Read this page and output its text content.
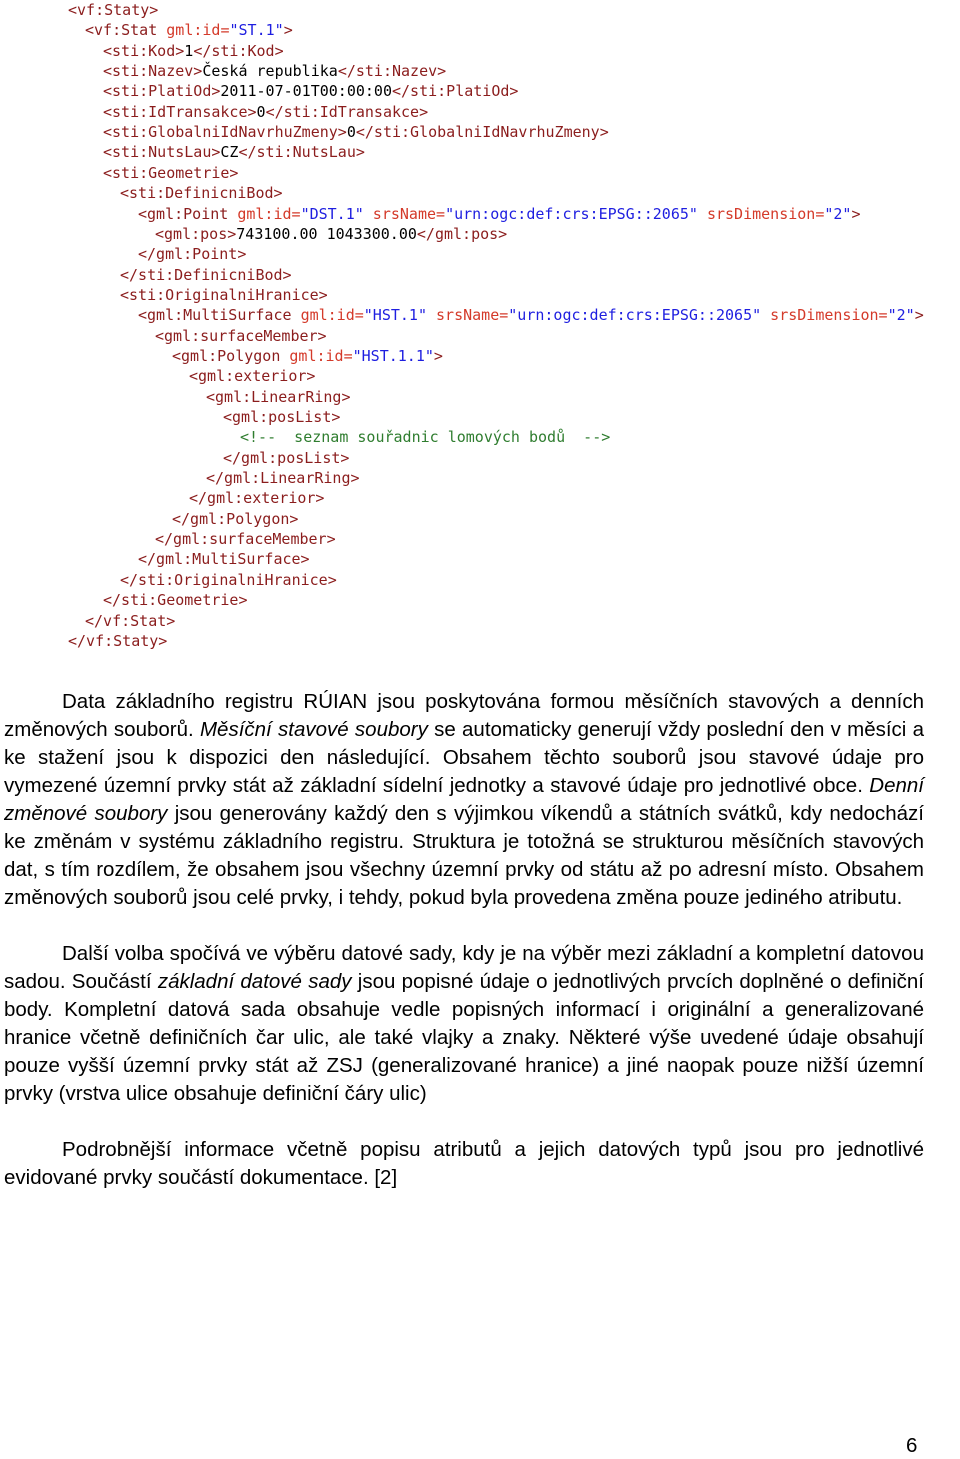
<vf:Staty>
<vf:Stat gml:id="ST.1">
<sti:Kod>1</sti:Kod>
<sti:Nazev>Česká republika</sti:Nazev>
<sti:PlatiOd>2011-07-01T00:00:00</sti:PlatiOd>
<sti:IdTransakce>0</sti:IdTransakce>
<sti:GlobalniIdNavrhuZmeny>0</sti:GlobalniIdNavrhuZmeny>
<sti:NutsLau>CZ</sti:NutsLau>
<sti:Geometrie>
<sti:DefinicniBod>
<gml:Point gml:id="DST.1" srsName="urn:ogc:def:crs:EPSG::2065" srsDimension="2">
<gml:pos>743100.00 1043300.00</gml:pos>
</gml:Point>
</sti:DefinicniBod>
<sti:OriginalniHranice>
<gml:MultiSurface gml:id="HST.1" srsName="urn:ogc:def:crs:EPSG::2065" srsDimension="2">
<gml:surfaceMember>
<gml:Polygon gml:id="HST.1.1">
<gml:exterior>
<gml:LinearRing>
<gml:posList>
<!--  seznam souřadnic lomových bodů  -->
</gml:posList>
</gml:LinearRing>
</gml:exterior>
</gml:Polygon>
</gml:surfaceMember>
</gml:MultiSurface>
</sti:OriginalniHranice>
</sti:Geometrie>
</vf:Stat>
</vf:Staty>

Data základního registru RÚIAN jsou poskytována formou měsíčních stavových a denních změnových souborů. Měsíční stavové soubory se automaticky generují vždy poslední den v měsíci a ke stažení jsou k dispozici den následující. Obsahem těchto souborů jsou stavové údaje pro vymezené územní prvky stát až základní sídelní jednotky a stavové údaje pro jednotlivé obce. Denní změnové soubory jsou generovány každý den s výjimkou víkendů a státních svátků, kdy nedochází ke změnám v systému základního registru. Struktura je totožná se strukturou měsíčních stavových dat, s tím rozdílem, že obsahem jsou všechny územní prvky od státu až po adresní místo. Obsahem změnových souborů jsou celé prvky, i tehdy, pokud byla provedena změna pouze jediného atributu.

Další volba spočívá ve výběru datové sady, kdy je na výběr mezi základní a kompletní datovou sadou. Součástí základní datové sady jsou popisné údaje o jednotlivých prvcích doplněné o definiční body. Kompletní datová sada obsahuje vedle popisných informací i originální a generalizované hranice včetně definičních čar ulic, ale také vlajky a znaky. Některé výše uvedené údaje obsahují pouze vyšší územní prvky stát až ZSJ (generalizované hranice) a jiné naopak pouze nižší územní prvky (vrstva ulice obsahuje definiční čáry ulic)

Podrobnější informace včetně popisu atributů a jejich datových typů jsou pro jednotlivé evidované prvky součástí dokumentace. [2]

6
